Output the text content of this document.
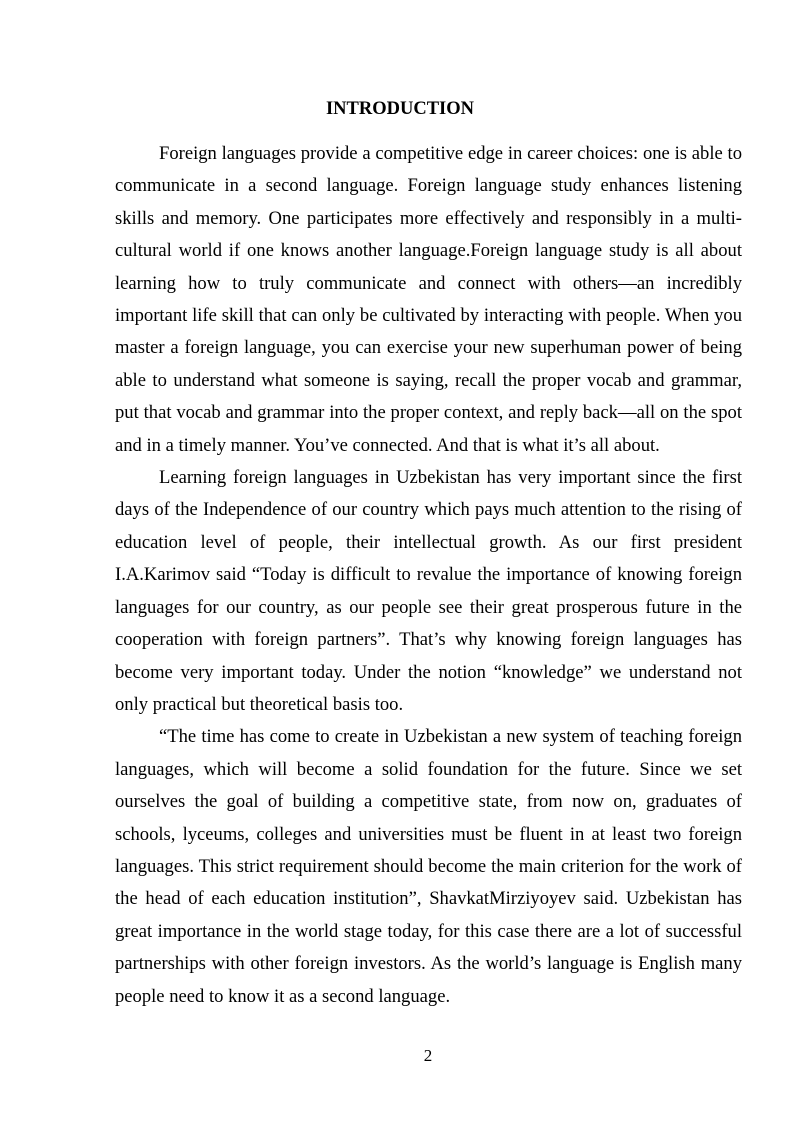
INTRODUCTION

Foreign languages provide a competitive edge in career choices: one is able to communicate in a second language. Foreign language study enhances listening skills and memory. One participates more effectively and responsibly in a multi-cultural world if one knows another language.Foreign language study is all about learning how to truly communicate and connect with others—an incredibly important life skill that can only be cultivated by interacting with people. When you master a foreign language, you can exercise your new superhuman power of being able to understand what someone is saying, recall the proper vocab and grammar, put that vocab and grammar into the proper context, and reply back—all on the spot and in a timely manner. You’ve connected. And that is what it’s all about.

Learning foreign languages in Uzbekistan has very important since the first days of the Independence of our country which pays much attention to the rising of education level of people, their intellectual growth. As our first president I.A.Karimov said “Today is difficult to revalue the importance of knowing foreign languages for our country, as our people see their great prosperous future in the cooperation with foreign partners”. That’s why knowing foreign languages has become very important today. Under the notion “knowledge” we understand not only practical but theoretical basis too.

“The time has come to create in Uzbekistan a new system of teaching foreign languages, which will become a solid foundation for the future. Since we set ourselves the goal of building a competitive state, from now on, graduates of schools, lyceums, colleges and universities must be fluent in at least two foreign languages. This strict requirement should become the main criterion for the work of the head of each education institution”, ShavkatMirziyoyev said. Uzbekistan has great importance in the world stage today, for this case there are a lot of successful partnerships with other foreign investors. As the world’s language is English many people need to know it as a second language.

2
